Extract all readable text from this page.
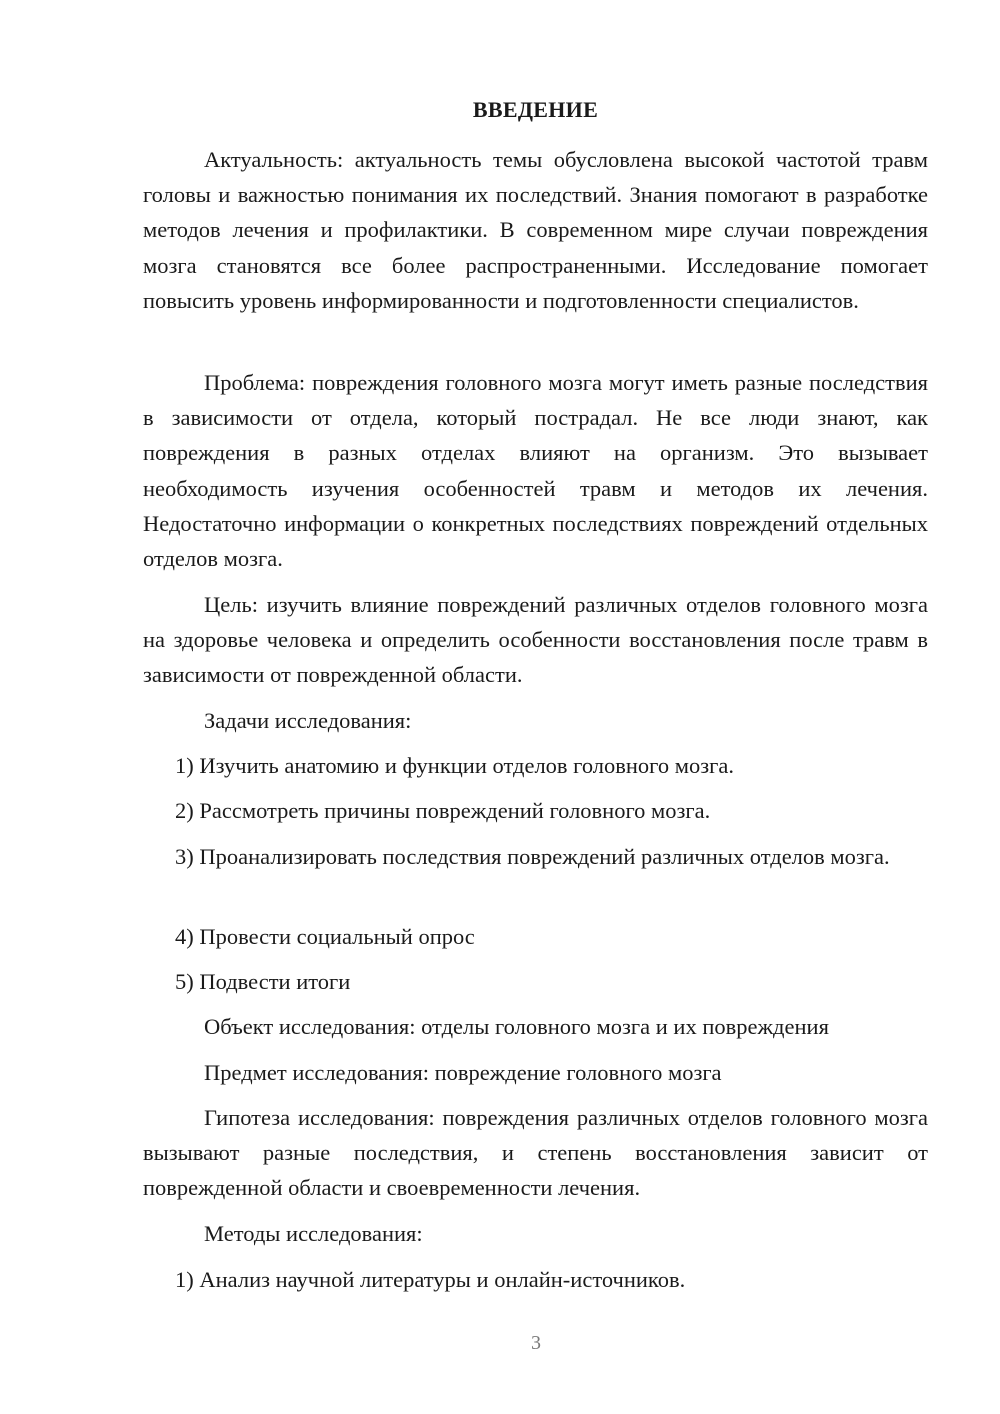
ВВЕДЕНИЕ

Актуальность: актуальность темы обусловлена высокой частотой травм головы и важностью понимания их последствий. Знания помогают в разработке методов лечения и профилактики. В современном мире случаи повреждения мозга становятся все более распространенными. Исследование помогает повысить уровень информированности и подготовленности специалистов.

Проблема: повреждения головного мозга могут иметь разные последствия в зависимости от отдела, который пострадал. Не все люди знают, как повреждения в разных отделах влияют на организм. Это вызывает необходимость изучения особенностей травм и методов их лечения. Недостаточно информации о конкретных последствиях повреждений отдельных отделов мозга.

Цель: изучить влияние повреждений различных отделов головного мозга на здоровье человека и определить особенности восстановления после травм в зависимости от поврежденной области.

Задачи исследования:

1) Изучить анатомию и функции отделов головного мозга.

2) Рассмотреть причины повреждений головного мозга.

3) Проанализировать последствия повреждений различных отделов мозга.

4) Провести социальный опрос

5) Подвести итоги

Объект исследования: отделы головного мозга и их повреждения

Предмет исследования: повреждение головного мозга

Гипотеза исследования: повреждения различных отделов головного мозга вызывают разные последствия, и степень восстановления зависит от поврежденной области и своевременности лечения.

Методы исследования:

1) Анализ научной литературы и онлайн-источников.

3
